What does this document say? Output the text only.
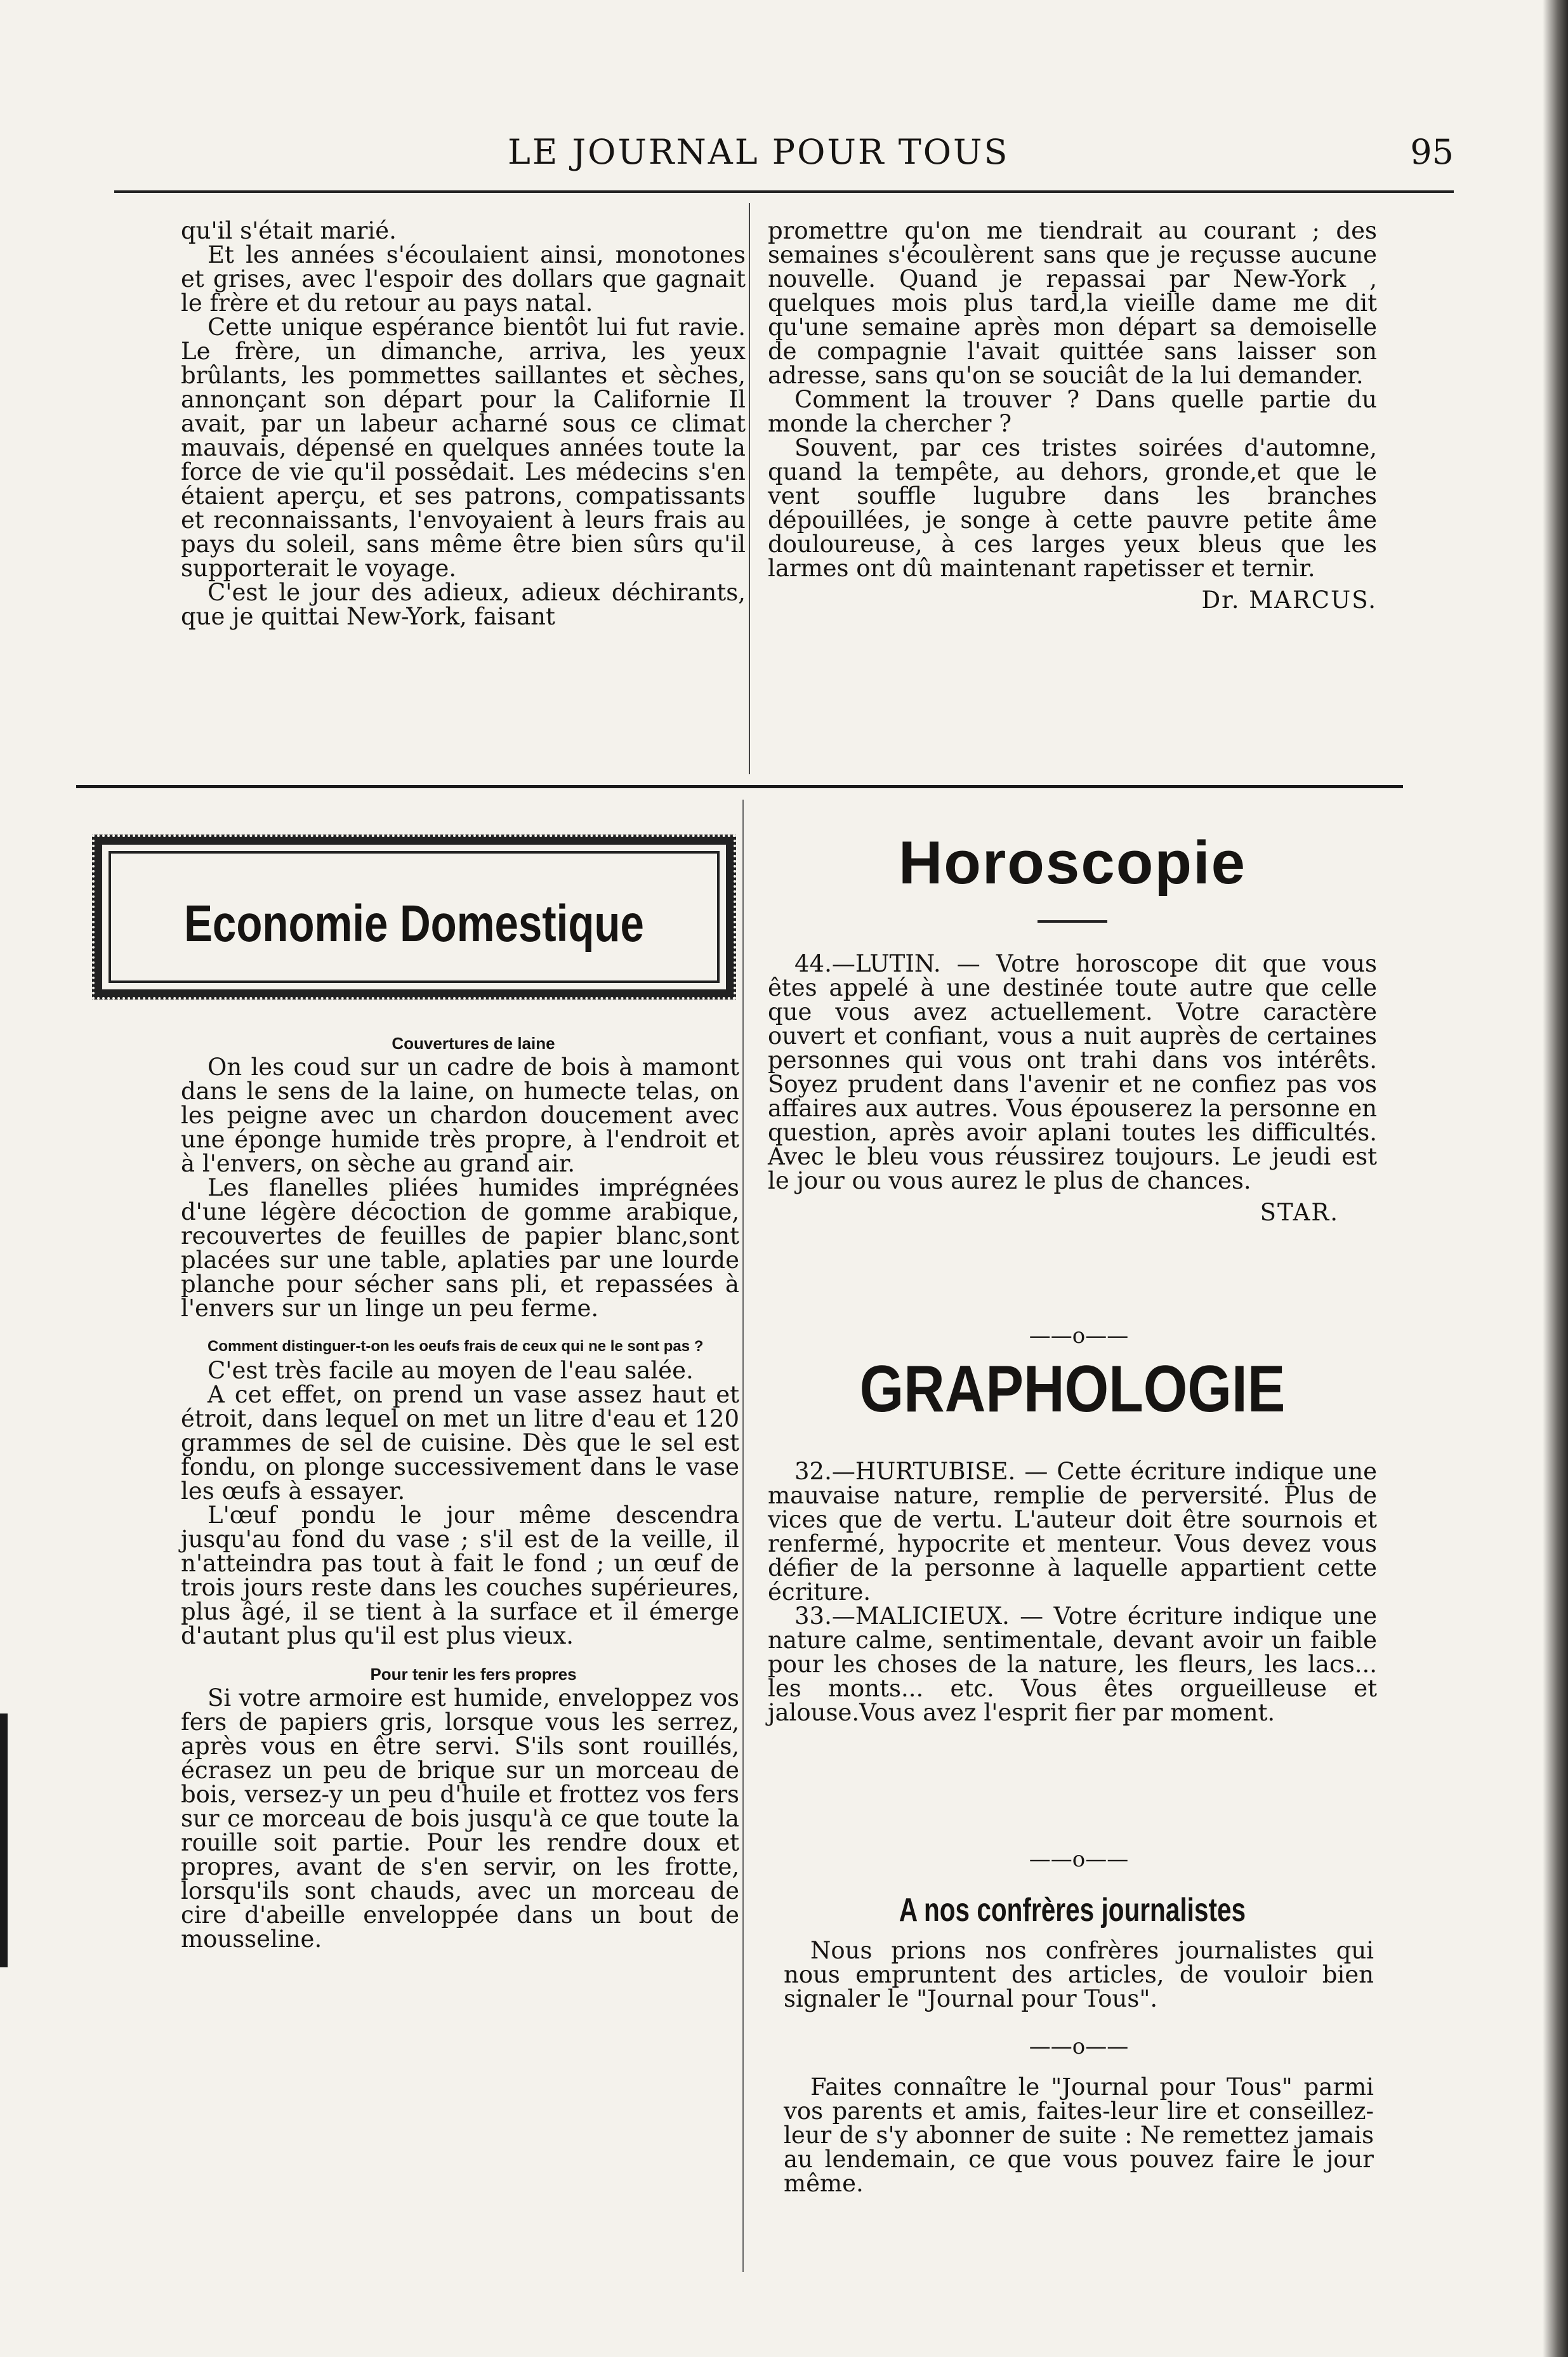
LE JOURNAL POUR TOUS	95

qu'il s'était marié.

Et les années s'écoulaient ainsi, monotones et grises, avec l'espoir des dollars que gagnait le frère et du retour au pays natal.

Cette unique espérance bientôt lui fut ravie. Le frère, un dimanche, arriva, les yeux brûlants, les pommettes saillantes et sèches, annonçant son départ pour la Californie Il avait, par un labeur acharné sous ce climat mauvais, dépensé en quelques années toute la force de vie qu'il possédait. Les médecins s'en étaient aperçu, et ses patrons, compatissants et reconnaissants, l'envoyaient à leurs frais au pays du soleil, sans même être bien sûrs qu'il supporterait le voyage.

C'est le jour des adieux, adieux déchirants, que je quittai New-York, faisant

promettre qu'on me tiendrait au courant ; des semaines s'écoulèrent sans que je reçusse aucune nouvelle. Quand je repassai par New-York , quelques mois plus tard,la vieille dame me dit qu'une semaine après mon départ sa demoiselle de compagnie l'avait quittée sans laisser son adresse, sans qu'on se souciât de la lui demander.

Comment la trouver ? Dans quelle partie du monde la chercher ?

Souvent, par ces tristes soirées d'automne, quand la tempête, au dehors, gronde,et que le vent souffle lugubre dans les branches dépouillées, je songe à cette pauvre petite âme douloureuse, à ces larges yeux bleus que les larmes ont dû maintenant rapetisser et ternir.

Dr. MARCUS.

Economie Domestique

Couvertures de laine

On les coud sur un cadre de bois à mamont dans le sens de la laine, on humecte telas, on les peigne avec un chardon doucement avec une éponge humide très propre, à l'endroit et à l'envers, on sèche au grand air.

Les flanelles pliées humides imprégnées d'une légère décoction de gomme arabique, recouvertes de feuilles de papier blanc,sont placées sur une table, aplaties par une lourde planche pour sécher sans pli, et repassées à l'envers sur un linge un peu ferme.

Comment distinguer-t-on les oeufs frais de ceux qui ne le sont pas ?

C'est très facile au moyen de l'eau salée.

A cet effet, on prend un vase assez haut et étroit, dans lequel on met un litre d'eau et 120 grammes de sel de cuisine. Dès que le sel est fondu, on plonge successivement dans le vase les œufs à essayer.

L'œuf pondu le jour même descendra jusqu'au fond du vase ; s'il est de la veille, il n'atteindra pas tout à fait le fond ; un œuf de trois jours reste dans les couches supérieures, plus âgé, il se tient à la surface et il émerge d'autant plus qu'il est plus vieux.

Pour tenir les fers propres

Si votre armoire est humide, enveloppez vos fers de papiers gris, lorsque vous les serrez, après vous en être servi. S'ils sont rouillés, écrasez un peu de brique sur un morceau de bois, versez-y un peu d'huile et frottez vos fers sur ce morceau de bois jusqu'à ce que toute la rouille soit partie. Pour les rendre doux et propres, avant de s'en servir, on les frotte, lorsqu'ils sont chauds, avec un morceau de cire d'abeille enveloppée dans un bout de mousseline.

Horoscopie

44.—LUTIN. — Votre horoscope dit que vous êtes appelé à une destinée toute autre que celle que vous avez actuellement. Votre caractère ouvert et confiant, vous a nuit auprès de certaines personnes qui vous ont trahi dans vos intérêts. Soyez prudent dans l'avenir et ne confiez pas vos affaires aux autres. Vous épouserez la personne en question, après avoir aplani toutes les difficultés. Avec le bleu vous réussirez toujours. Le jeudi est le jour ou vous aurez le plus de chances.

STAR.

——o——
GRAPHOLOGIE

32.—HURTUBISE. — Cette écriture indique une mauvaise nature, remplie de perversité. Plus de vices que de vertu. L'auteur doit être sournois et renfermé, hypocrite et menteur. Vous devez vous défier de la personne à laquelle appartient cette écriture.

33.—MALICIEUX. — Votre écriture indique une nature calme, sentimentale, devant avoir un faible pour les choses de la nature, les fleurs, les lacs... les monts... etc. Vous êtes orgueilleuse et jalouse.Vous avez l'esprit fier par moment.

——o——
A nos confrères journalistes

Nous prions nos confrères journalistes qui nous empruntent des articles, de vouloir bien signaler le "Journal pour Tous".

——o——

Faites connaître le "Journal pour Tous" parmi vos parents et amis, faites-leur lire et conseillez-leur de s'y abonner de suite : Ne remettez jamais au lendemain, ce que vous pouvez faire le jour même.
